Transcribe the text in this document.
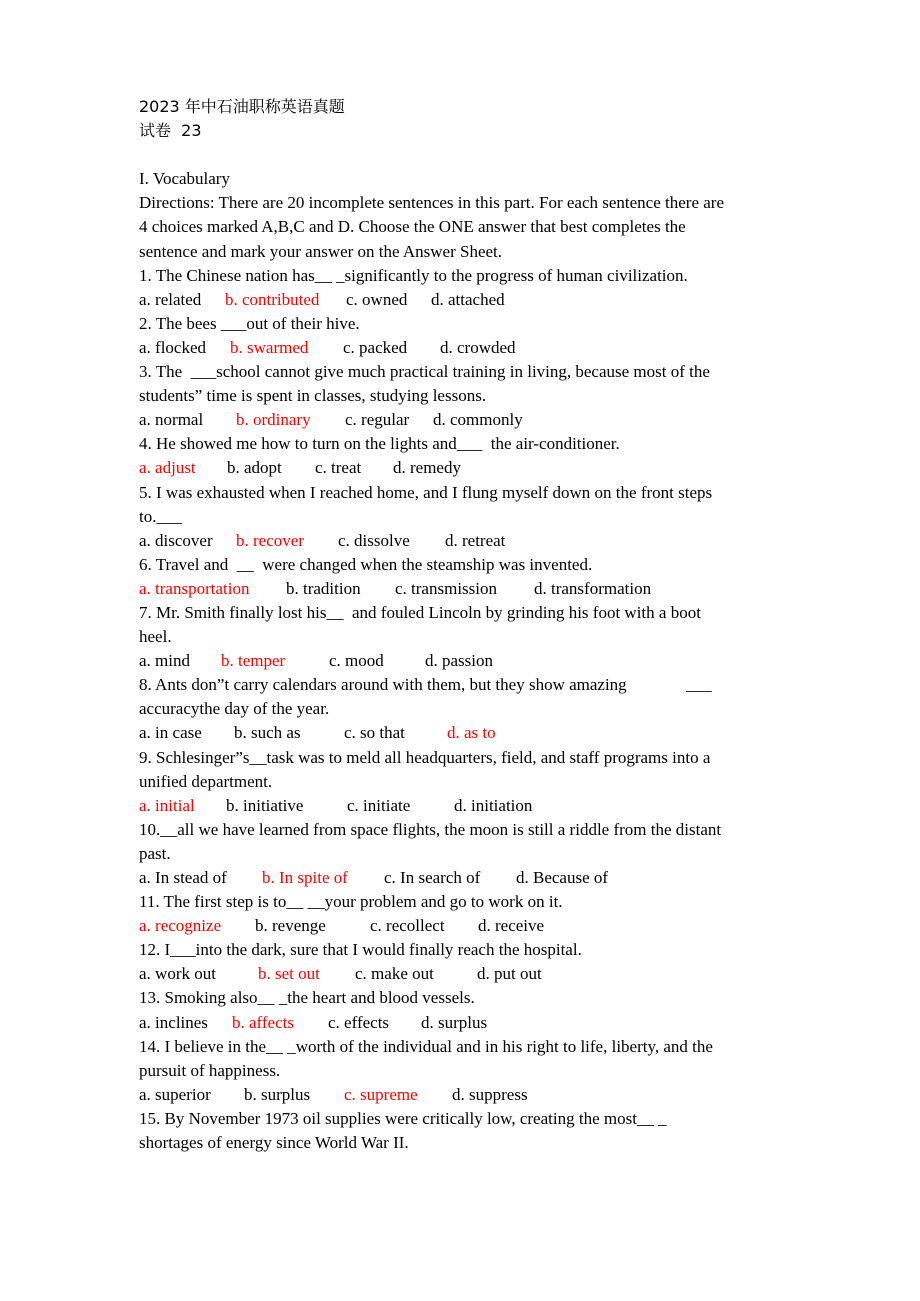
2023 年中石油职称英语真题
试卷  23
I. Vocabulary
Directions: There are 20 incomplete sentences in this part. For each sentence there are
4 choices marked A,B,C and D. Choose the ONE answer that best completes the
sentence and mark your answer on the Answer Sheet.
1. The Chinese nation has__ _significantly to the progress of human civilization.
a. related b. contributed c. owned d. attached
2. The bees ___out of their hive.
a. flocked b. swarmed c. packed d. crowded
3. The  ___school cannot give much practical training in living, because most of the
students” time is spent in classes, studying lessons.
a. normal b. ordinary c. regular d. commonly
4. He showed me how to turn on the lights and___  the air-conditioner.
a. adjust b. adopt c. treat d. remedy
5. I was exhausted when I reached home, and I flung myself down on the front steps
to.___
a. discover b. recover c. dissolve d. retreat
6. Travel and  __  were changed when the steamship was invented.
a. transportation b. tradition c. transmission d. transformation
7. Mr. Smith finally lost his__  and fouled Lincoln by grinding his foot with a boot
heel.
a. mind b. temper	c. mood d. passion
8. Ants don”t carry calendars around with them, but they show amazing              ___
accuracythe day of the year.
a. in case b. such as	c. so that d. as to
9. Schlesinger”s__task was to meld all headquarters, field, and staff programs into a
unified department.
a. initial b. initiative	c. initiate	d. initiation
10.__all we have learned from space flights, the moon is still a riddle from the distant
past.
a. In stead of b. In spite of c. In search of d. Because of
11. The first step is to__ __your problem and go to work on it.
a. recognize b. revenge	c. recollect d. receive
12. I___into the dark, sure that I would finally reach the hospital.
a. work out b. set out c. make out	d. put out
13. Smoking also__ _the heart and blood vessels.
a. inclines b. affects c. effects d. surplus
14. I believe in the__ _worth of the individual and in his right to life, liberty, and the
pursuit of happiness.
a. superior b. surplus c. supreme d. suppress
15. By November 1973 oil supplies were critically low, creating the most__ _
shortages of energy since World War II.
